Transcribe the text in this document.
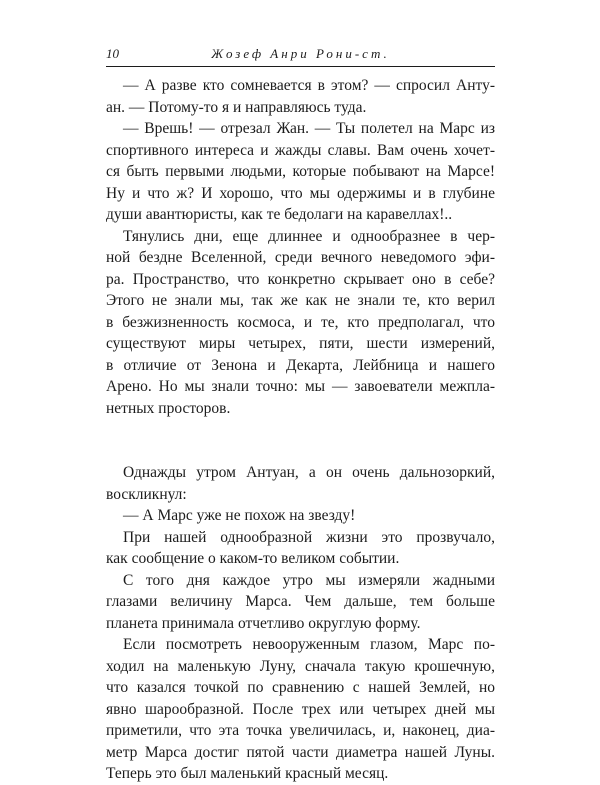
10	Жозеф Анри Рони-ст.
— А разве кто сомневается в этом? — спросил Анту-
ан. — Потому-то я и направляюсь туда.
— Врешь! — отрезал Жан. — Ты полетел на Марс из
спортивного интереса и жажды славы. Вам очень хочет-
ся быть первыми людьми, которые побывают на Марсе!
Ну и что ж? И хорошо, что мы одержимы и в глубине
души авантюристы, как те бедолаги на каравеллах!..
Тянулись дни, еще длиннее и однообразнее в чер-
ной бездне Вселенной, среди вечного неведомого эфи-
ра. Пространство, что конкретно скрывает оно в себе?
Этого не знали мы, так же как не знали те, кто верил
в безжизненность космоса, и те, кто предполагал, что
существуют миры четырех, пяти, шести измерений,
в отличие от Зенона и Декарта, Лейбница и нашего
Арено. Но мы знали точно: мы — завоеватели межпла-
нетных просторов.
Однажды утром Антуан, а он очень дальнозоркий,
воскликнул:
— А Марс уже не похож на звезду!
При нашей однообразной жизни это прозвучало,
как сообщение о каком-то великом событии.
С того дня каждое утро мы измеряли жадными
глазами величину Марса. Чем дальше, тем больше
планета принимала отчетливо округлую форму.
Если посмотреть невооруженным глазом, Марс по-
ходил на маленькую Луну, сначала такую крошечную,
что казался точкой по сравнению с нашей Землей, но
явно шарообразной. После трех или четырех дней мы
приметили, что эта точка увеличилась, и, наконец, диа-
метр Марса достиг пятой части диаметра нашей Луны.
Теперь это был маленький красный месяц.
